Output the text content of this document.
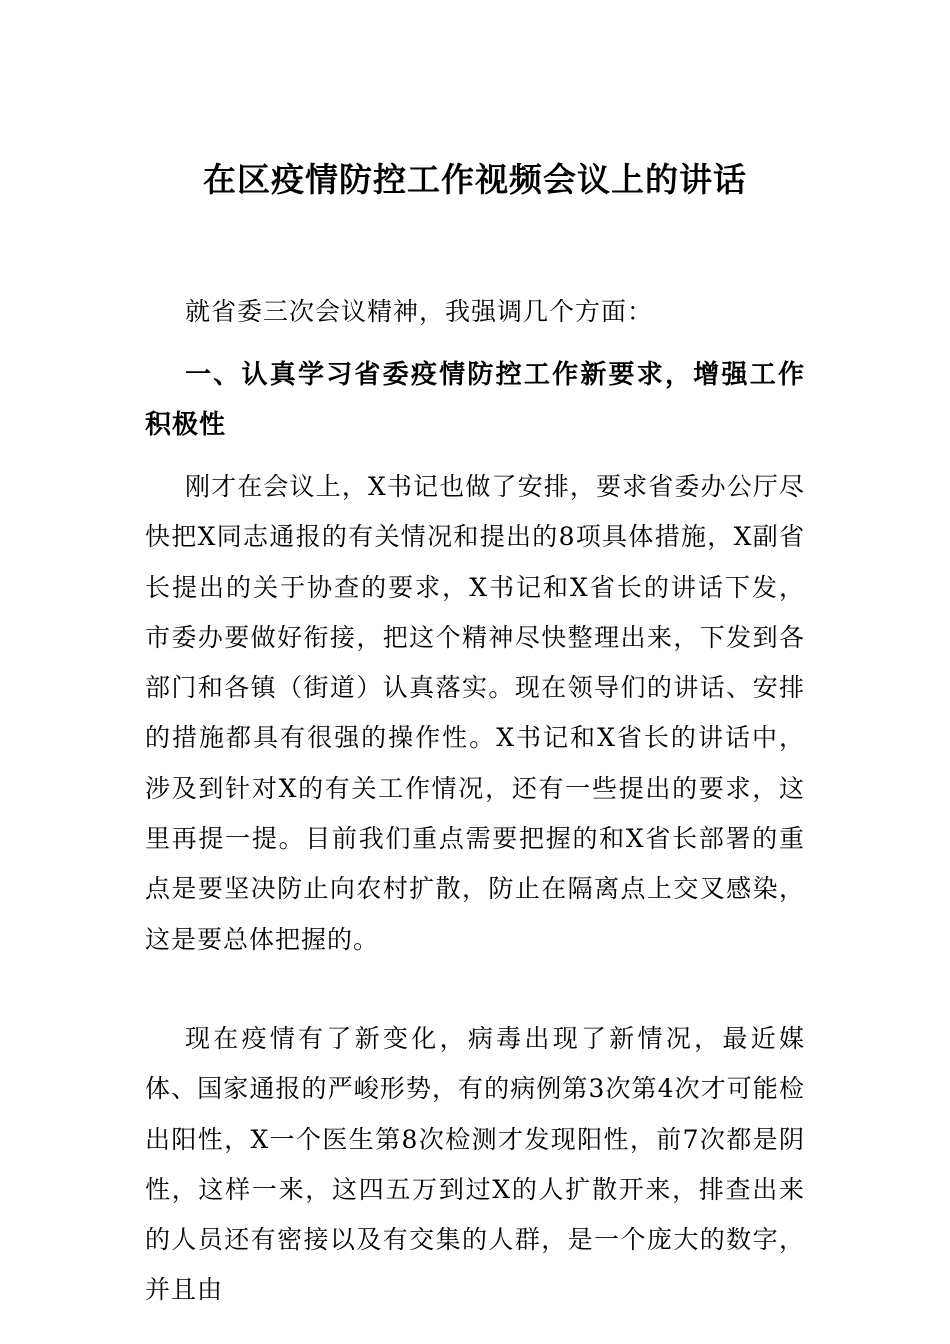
在区疫情防控工作视频会议上的讲话

就省委三次会议精神，我强调几个方面：

一、认真学习省委疫情防控工作新要求，增强工作积极性

刚才在会议上，X书记也做了安排，要求省委办公厅尽快把X同志通报的有关情况和提出的8项具体措施，X副省长提出的关于协查的要求，X书记和X省长的讲话下发，市委办要做好衔接，把这个精神尽快整理出来，下发到各部门和各镇（街道）认真落实。现在领导们的讲话、安排的措施都具有很强的操作性。X书记和X省长的讲话中，涉及到针对X的有关工作情况，还有一些提出的要求，这里再提一提。目前我们重点需要把握的和X省长部署的重点是要坚决防止向农村扩散，防止在隔离点上交叉感染，这是要总体把握的。

现在疫情有了新变化，病毒出现了新情况，最近媒体、国家通报的严峻形势，有的病例第3次第4次才可能检出阳性，X一个医生第8次检测才发现阳性，前7次都是阴性，这样一来，这四五万到过X的人扩散开来，排查出来的人员还有密接以及有交集的人群，是一个庞大的数字，并且由
